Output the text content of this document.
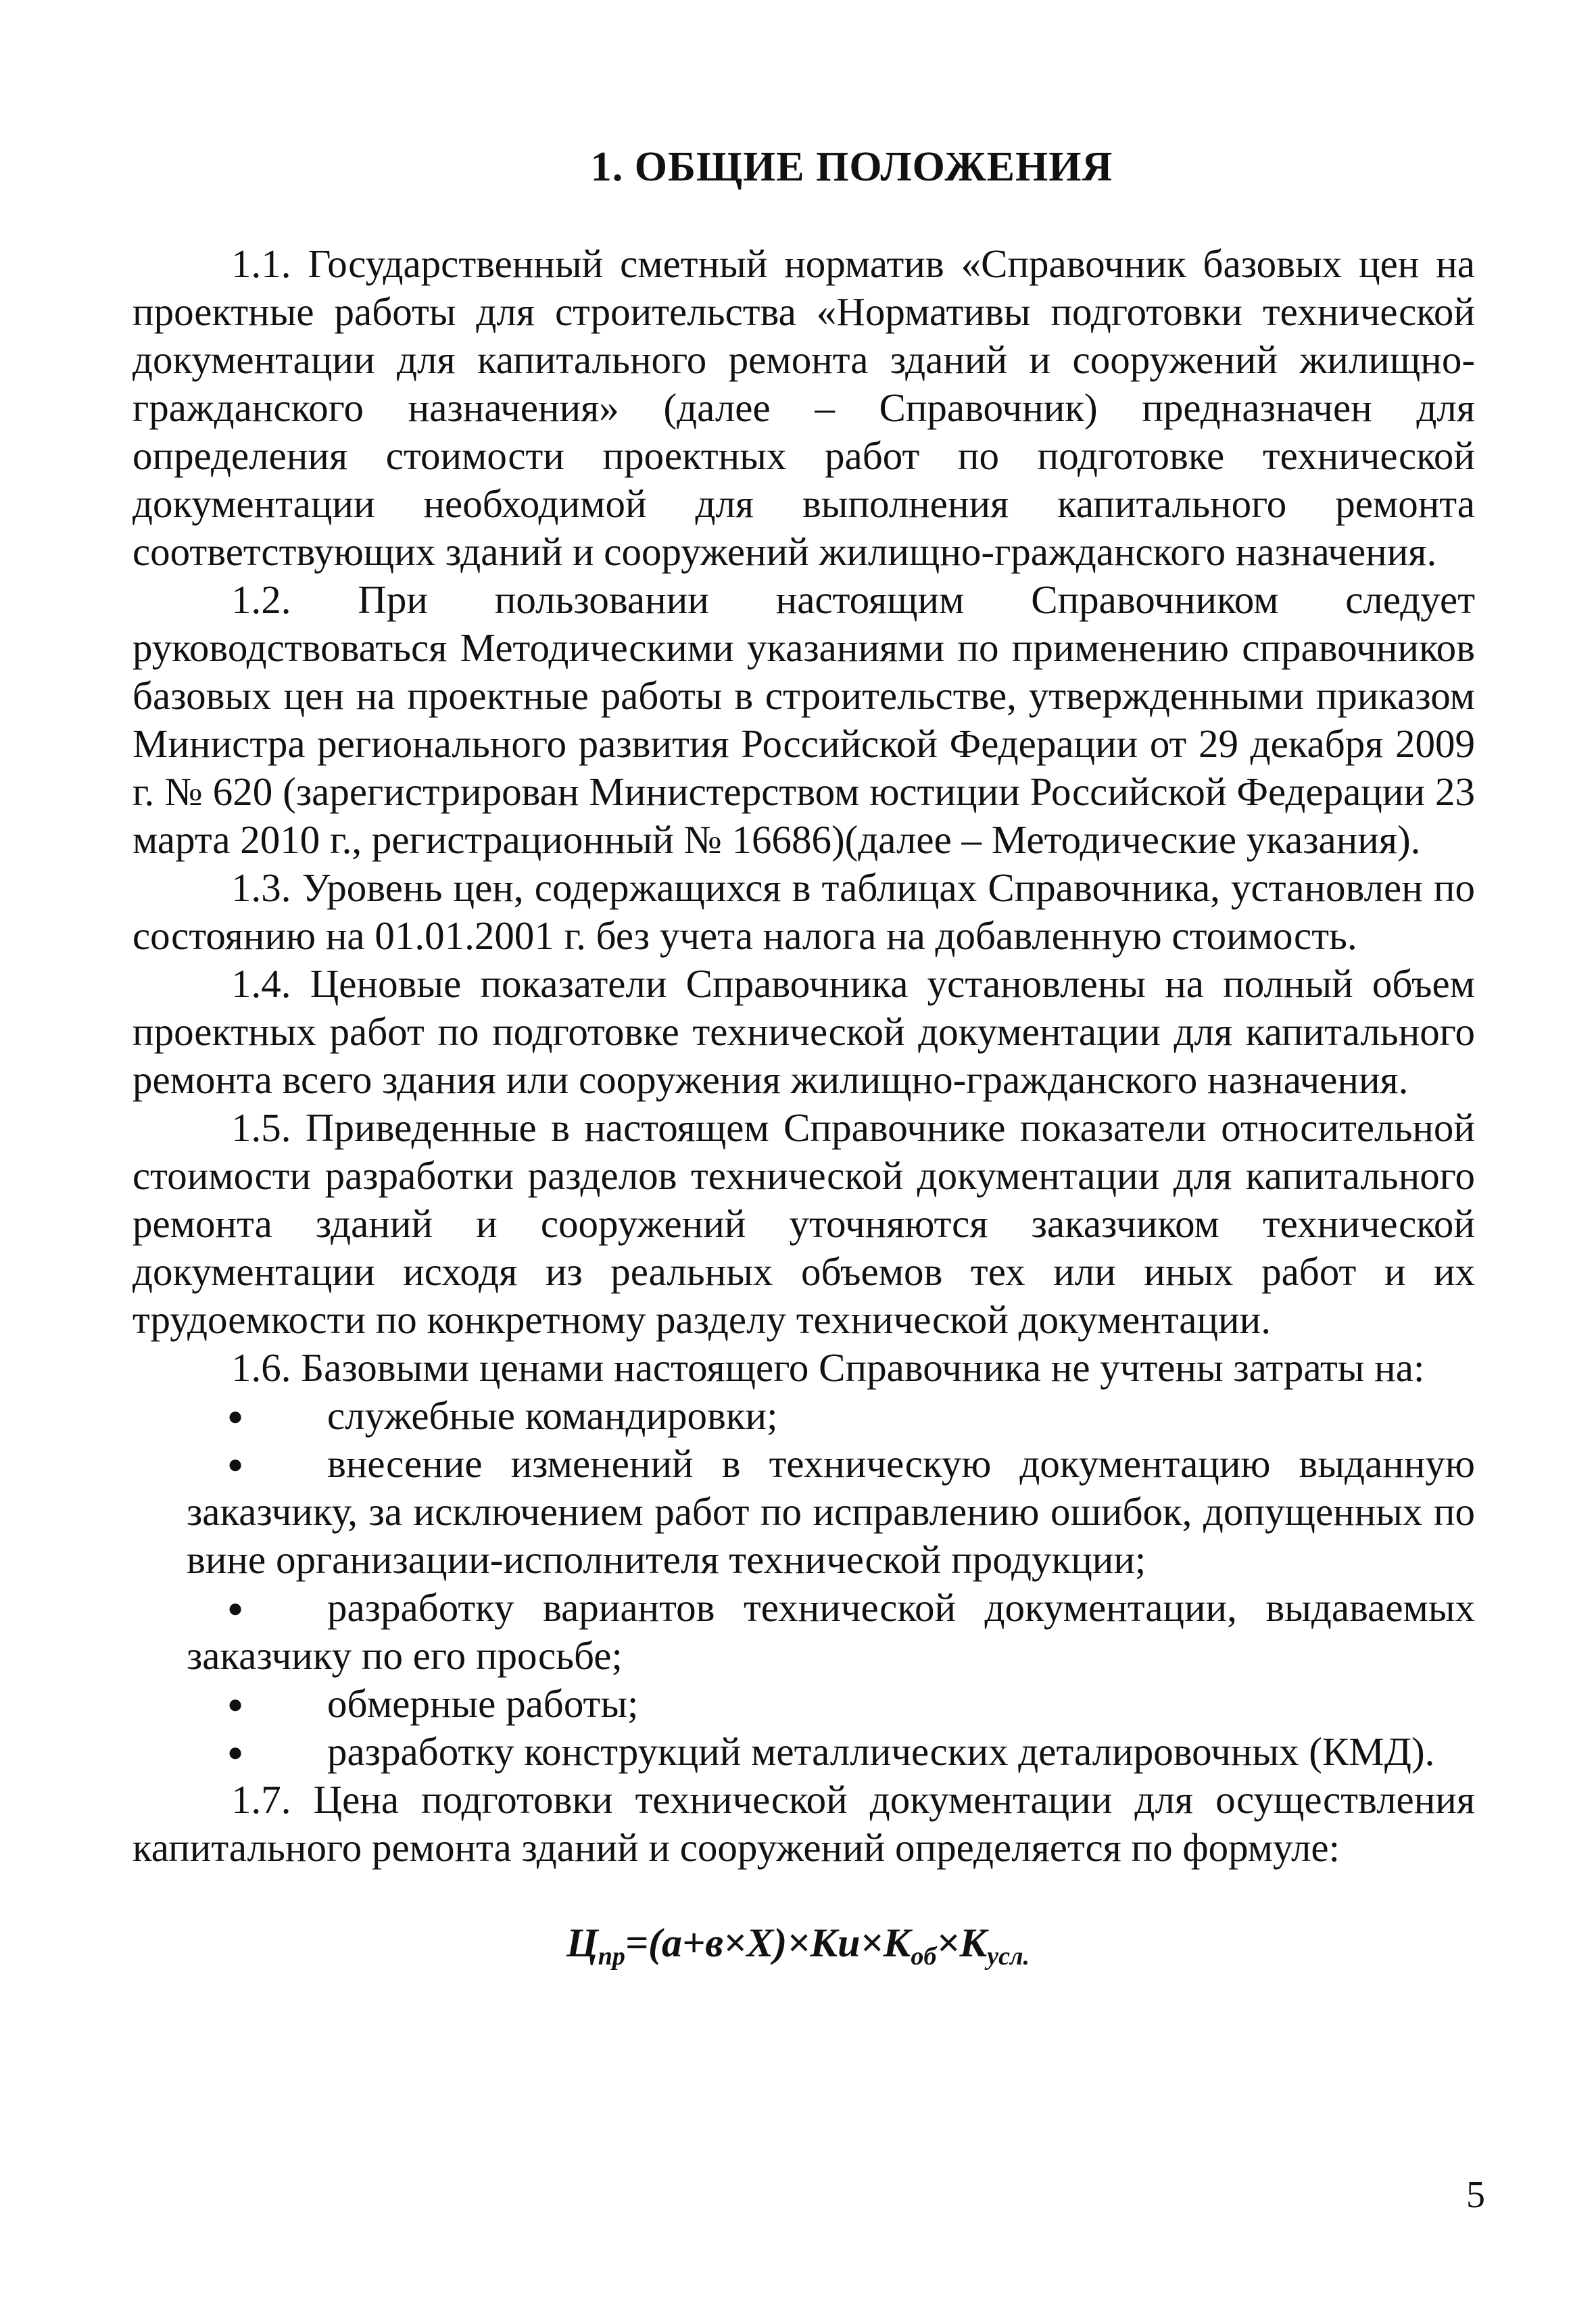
1. ОБЩИЕ ПОЛОЖЕНИЯ

1.1. Государственный сметный норматив «Справочник базовых цен на проектные работы для строительства «Нормативы подготовки технической документации для капитального ремонта зданий и сооружений жилищно-гражданского назначения» (далее – Справочник) предназначен для определения стоимости проектных работ по подготовке технической документации необходимой для выполнения капитального ремонта соответствующих зданий и сооружений жилищно-гражданского назначения.

1.2. При пользовании настоящим Справочником следует руководствоваться Методическими указаниями по применению справочников базовых цен на проектные работы в строительстве, утвержденными приказом Министра регионального развития Российской Федерации от 29 декабря 2009 г. № 620 (зарегистрирован Министерством юстиции Российской Федерации 23 марта 2010 г., регистрационный № 16686)(далее – Методические указания).

1.3. Уровень цен, содержащихся в таблицах Справочника, установлен по состоянию на 01.01.2001 г. без учета налога на добавленную стоимость.

1.4. Ценовые показатели Справочника установлены на полный объем проектных работ по подготовке технической документации для капитального ремонта всего здания или сооружения жилищно-гражданского назначения.

1.5. Приведенные в настоящем Справочнике показатели относительной стоимости разработки разделов технической документации для капитального ремонта зданий и сооружений уточняются заказчиком технической документации исходя из реальных объемов тех или иных работ и их трудоемкости по конкретному разделу технической документации.

1.6. Базовыми ценами настоящего Справочника не учтены затраты на:

●	служебные командировки;
●	внесение изменений в техническую документацию выданную заказчику, за исключением работ по исправлению ошибок, допущенных по вине организации-исполнителя технической продукции;
●	разработку вариантов технической документации, выдаваемых заказчику по его просьбе;
●	обмерные работы;
●	разработку конструкций металлических деталировочных (КМД).

1.7. Цена подготовки технической документации для осуществления капитального ремонта зданий и сооружений определяется по формуле:

$Ц_{пр}=(а+в\times Х)\times Ки\times К_{об}\times К_{усл.}$
5
